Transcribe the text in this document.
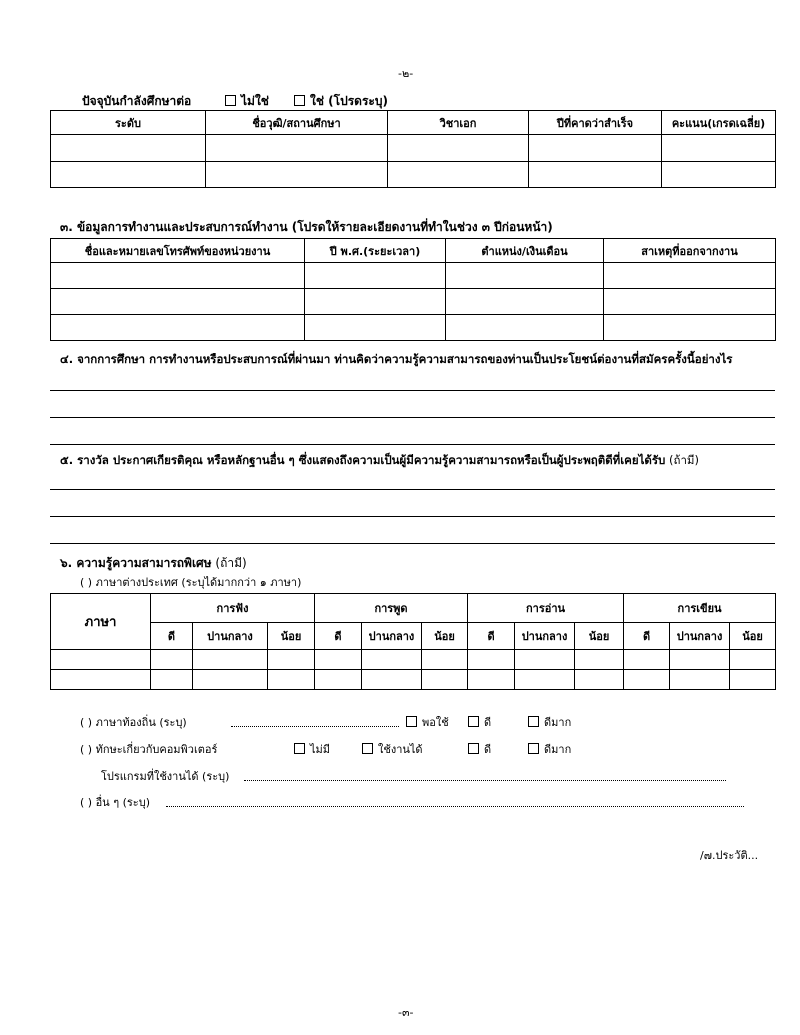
-๒-
ปัจจุบันกำลังศึกษาต่อ	ไม่ใช่	ใช่ (โปรดระบุ)
ระดับ	ชื่อวุฒิ/สถานศึกษา	วิชาเอก	ปีที่คาดว่าสำเร็จ	คะแนน(เกรดเฉลี่ย)

๓. ข้อมูลการทำงานและประสบการณ์ทำงาน (โปรดให้รายละเอียดงานที่ทำในช่วง ๓ ปีก่อนหน้า)
ชื่อและหมายเลขโทรศัพท์ของหน่วยงาน	ปี พ.ศ.(ระยะเวลา)	ตำแหน่ง/เงินเดือน	สาเหตุที่ออกจากงาน

๔. จากการศึกษา การทำงานหรือประสบการณ์ที่ผ่านมา ท่านคิดว่าความรู้ความสามารถของท่านเป็นประโยชน์ต่องานที่สมัครครั้งนี้อย่างไร
๕. รางวัล ประกาศเกียรติคุณ หรือหลักฐานอื่น ๆ ซึ่งแสดงถึงความเป็นผู้มีความรู้ความสามารถหรือเป็นผู้ประพฤติดีที่เคยได้รับ (ถ้ามี)
๖. ความรู้ความสามารถพิเศษ (ถ้ามี)
( ) ภาษาต่างประเทศ (ระบุได้มากกว่า ๑ ภาษา)
ภาษา	การฟัง			การพูด			การอ่าน			การเขียน		
	ดี	ปานกลาง	น้อย	ดี	ปานกลาง	น้อย	ดี	ปานกลาง	น้อย	ดี	ปานกลาง	น้อย

( ) ภาษาท้องถิ่น (ระบุ)	พอใช้	ดี	ดีมาก
( ) ทักษะเกี่ยวกับคอมพิวเตอร์	ไม่มี	ใช้งานได้	ดี	ดีมาก
โปรแกรมที่ใช้งานได้ (ระบุ)
( ) อื่น ๆ (ระบุ)
/๗.ประวัติ...
-๓-
